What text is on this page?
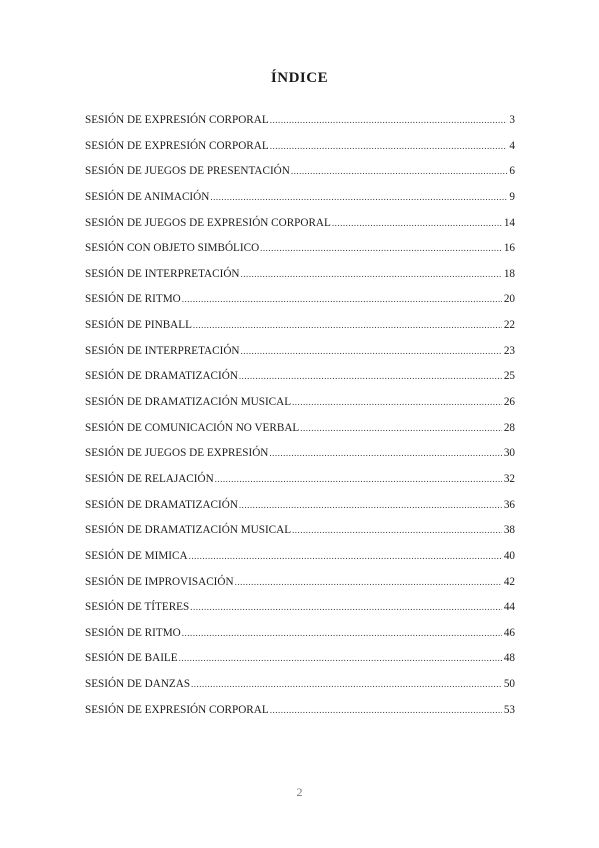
ÍNDICE
SESIÓN DE EXPRESIÓN CORPORAL .....	3
SESIÓN DE EXPRESIÓN CORPORAL .....	4
SESIÓN DE JUEGOS DE PRESENTACIÓN .....	6
SESIÓN DE ANIMACIÓN .....	9
SESIÓN DE JUEGOS DE EXPRESIÓN CORPORAL .....	14
SESIÓN CON OBJETO SIMBÓLICO .....	16
SESIÓN DE INTERPRETACIÓN .....	18
SESIÓN DE RITMO .....	20
SESIÓN DE PINBALL .....	22
SESIÓN DE INTERPRETACIÓN .....	23
SESIÓN DE DRAMATIZACIÓN .....	25
SESIÓN DE DRAMATIZACIÓN MUSICAL .....	26
SESIÓN DE COMUNICACIÓN NO VERBAL .....	28
SESIÓN DE JUEGOS DE EXPRESIÓN .....	30
SESIÓN DE RELAJACIÓN .....	32
SESIÓN DE DRAMATIZACIÓN .....	36
SESIÓN DE DRAMATIZACIÓN MUSICAL .....	38
SESIÓN DE MIMICA .....	40
SESIÓN DE IMPROVISACIÓN .....	42
SESIÓN DE TÍTERES .....	44
SESIÓN DE RITMO .....	46
SESIÓN DE BAILE .....	48
SESIÓN DE DANZAS .....	50
SESIÓN DE EXPRESIÓN CORPORAL .....	53
2
